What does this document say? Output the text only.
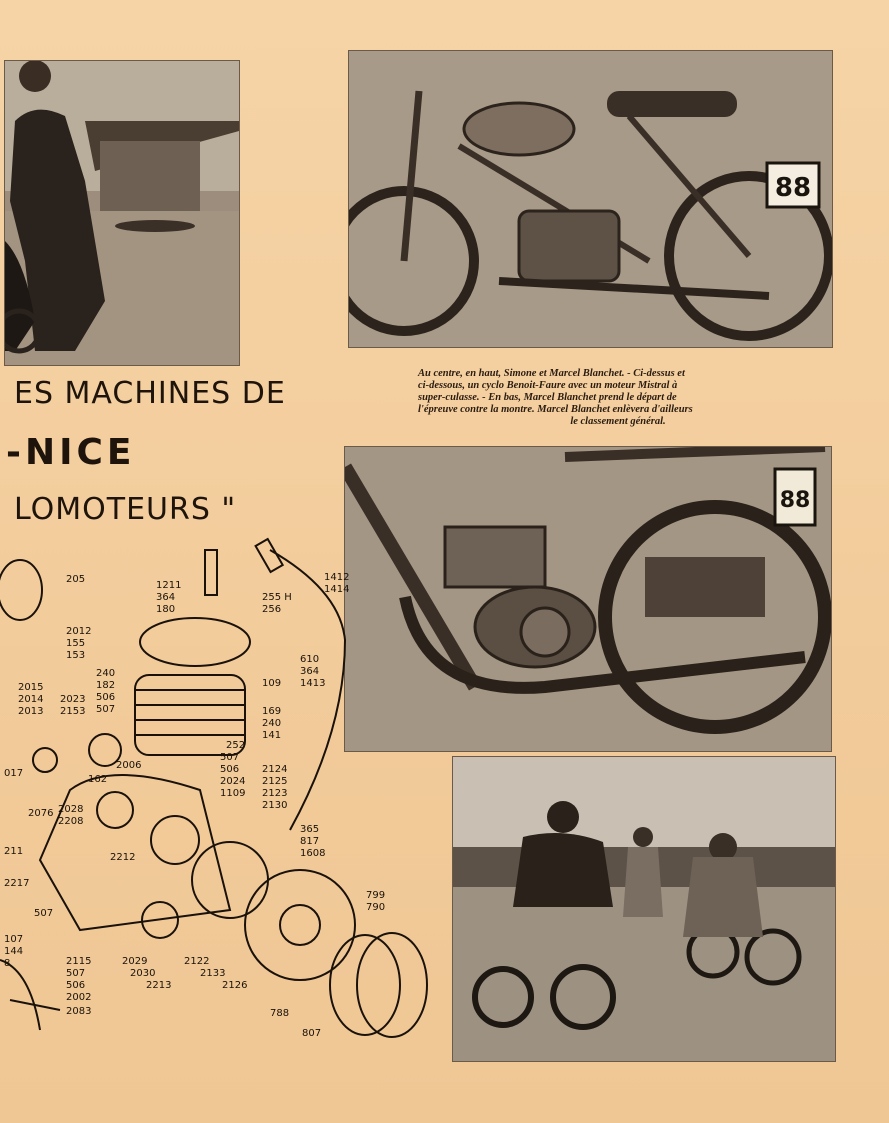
88
Au centre, en haut, Simone et Marcel Blanchet. - Ci-dessus et
ci-dessous, un cyclo Benoit-Faure avec un moteur Mistral à
super-culasse. - En bas, Marcel Blanchet prend le départ de
l'épreuve contre la montre. Marcel Blanchet enlèvera d'ailleurs
le classement général.
ES MACHINES DE
-NICE
LOMOTEURS "	88
205
2012
155
153
2015
2014 2023
2013 2153
017
162
2006
2076 2028
2208
211
2212
2217
507
107
144
8	2115
507
506
2002
2083
2029
2030
2213
2122
2133
2126
788
807
799
790
1211
364
180
255 H
256
1412
1414
240
182
506
507
109
610
364
1413
169
240
141
252
507
506
2024
1109
2124
2125
2123
2130
365
817
1608
